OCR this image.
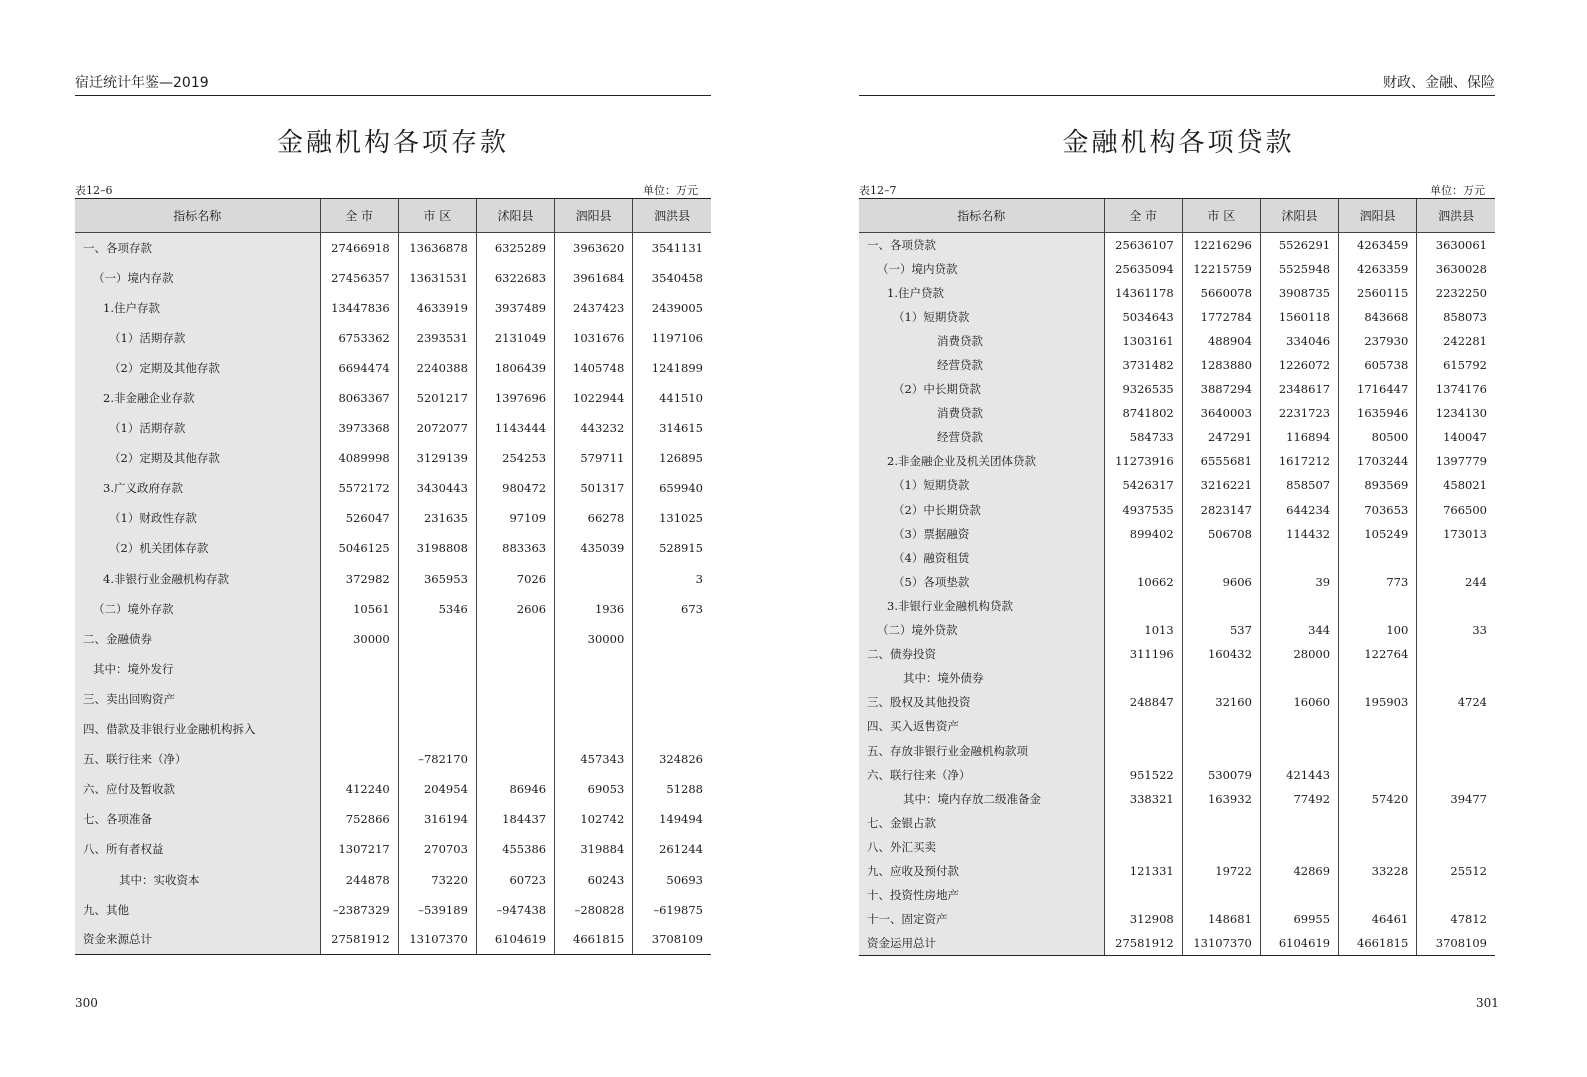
宿迁统计年鉴—2019
金融机构各项存款
表12–6	单位：万元
指标名称	全 市	市 区	沭阳县	泗阳县	泗洪县
一、各项存款	27466918	13636878	6325289	3963620	3541131
（一）境内存款	27456357	13631531	6322683	3961684	3540458
1.住户存款	13447836	4633919	3937489	2437423	2439005
（1）活期存款	6753362	2393531	2131049	1031676	1197106
（2）定期及其他存款	6694474	2240388	1806439	1405748	1241899
2.非金融企业存款	8063367	5201217	1397696	1022944	441510
（1）活期存款	3973368	2072077	1143444	443232	314615
（2）定期及其他存款	4089998	3129139	254253	579711	126895
3.广义政府存款	5572172	3430443	980472	501317	659940
（1）财政性存款	526047	231635	97109	66278	131025
（2）机关团体存款	5046125	3198808	883363	435039	528915
4.非银行业金融机构存款	372982	365953	7026		3
（二）境外存款	10561	5346	2606	1936	673
二、金融债券	30000			30000	
其中：境外发行					
三、卖出回购资产					
四、借款及非银行业金融机构拆入					
五、联行往来（净）		–782170		457343	324826
六、应付及暂收款	412240	204954	86946	69053	51288
七、各项准备	752866	316194	184437	102742	149494
八、所有者权益	1307217	270703	455386	319884	261244
其中：实收资本	244878	73220	60723	60243	50693
九、其他	–2387329	–539189	–947438	–280828	–619875
资金来源总计	27581912	13107370	6104619	4661815	3708109
300
财政、金融、保险
金融机构各项贷款
表12–7	单位：万元
指标名称	全 市	市 区	沭阳县	泗阳县	泗洪县
一、各项贷款	25636107	12216296	5526291	4263459	3630061
（一）境内贷款	25635094	12215759	5525948	4263359	3630028
1.住户贷款	14361178	5660078	3908735	2560115	2232250
（1）短期贷款	5034643	1772784	1560118	843668	858073
消费贷款	1303161	488904	334046	237930	242281
经营贷款	3731482	1283880	1226072	605738	615792
（2）中长期贷款	9326535	3887294	2348617	1716447	1374176
消费贷款	8741802	3640003	2231723	1635946	1234130
经营贷款	584733	247291	116894	80500	140047
2.非金融企业及机关团体贷款	11273916	6555681	1617212	1703244	1397779
（1）短期贷款	5426317	3216221	858507	893569	458021
（2）中长期贷款	4937535	2823147	644234	703653	766500
（3）票据融资	899402	506708	114432	105249	173013
（4）融资租赁					
（5）各项垫款	10662	9606	39	773	244
3.非银行业金融机构贷款					
（二）境外贷款	1013	537	344	100	33
二、债券投资	311196	160432	28000	122764	
其中：境外债券					
三、股权及其他投资	248847	32160	16060	195903	4724
四、买入返售资产					
五、存放非银行业金融机构款项					
六、联行往来（净）	951522	530079	421443		
其中：境内存放二级准备金	338321	163932	77492	57420	39477
七、金银占款					
八、外汇买卖					
九、应收及预付款	121331	19722	42869	33228	25512
十、投资性房地产					
十一、固定资产	312908	148681	69955	46461	47812
资金运用总计	27581912	13107370	6104619	4661815	3708109
301
